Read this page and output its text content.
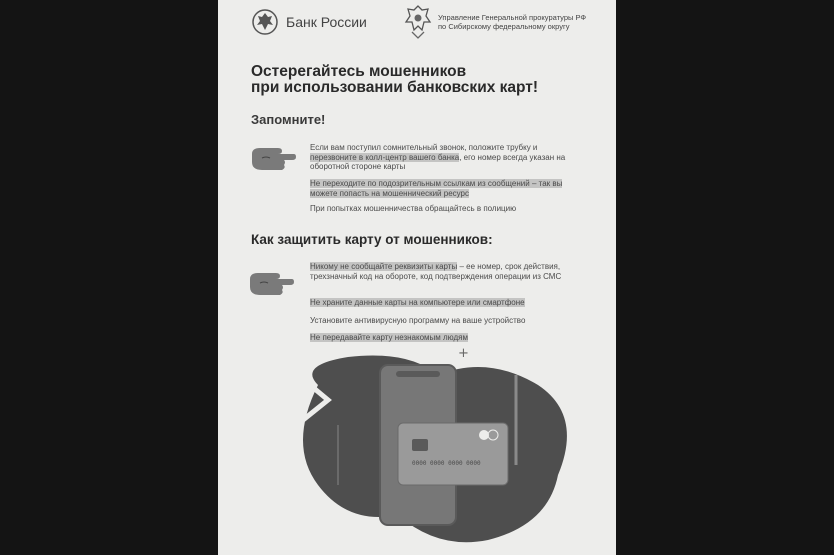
Банк России	Управление Генеральной прокуратуры РФ
по Сибирскому федеральному округу
Остерегайтесь мошенников
при использовании банковских карт!
Запомните!
Если вам поступил сомнительный звонок, положите трубку и перезвоните в колл-центр вашего банка, его номер всегда указан на оборотной стороне карты
Не переходите по подозрительным ссылкам из сообщений – так вы можете попасть на мошеннический ресурс
При попытках мошенничества обращайтесь в полицию
Как защитить карту от мошенников:
Никому не сообщайте реквизиты карты – ее номер, срок действия, трехзначный код на обороте, код подтверждения операции из СМС
Не храните данные карты на компьютере или смартфоне
Установите антивирусную программу на ваше устройство
Не передавайте карту незнакомым людям
+
0000 0000 0000 0000
